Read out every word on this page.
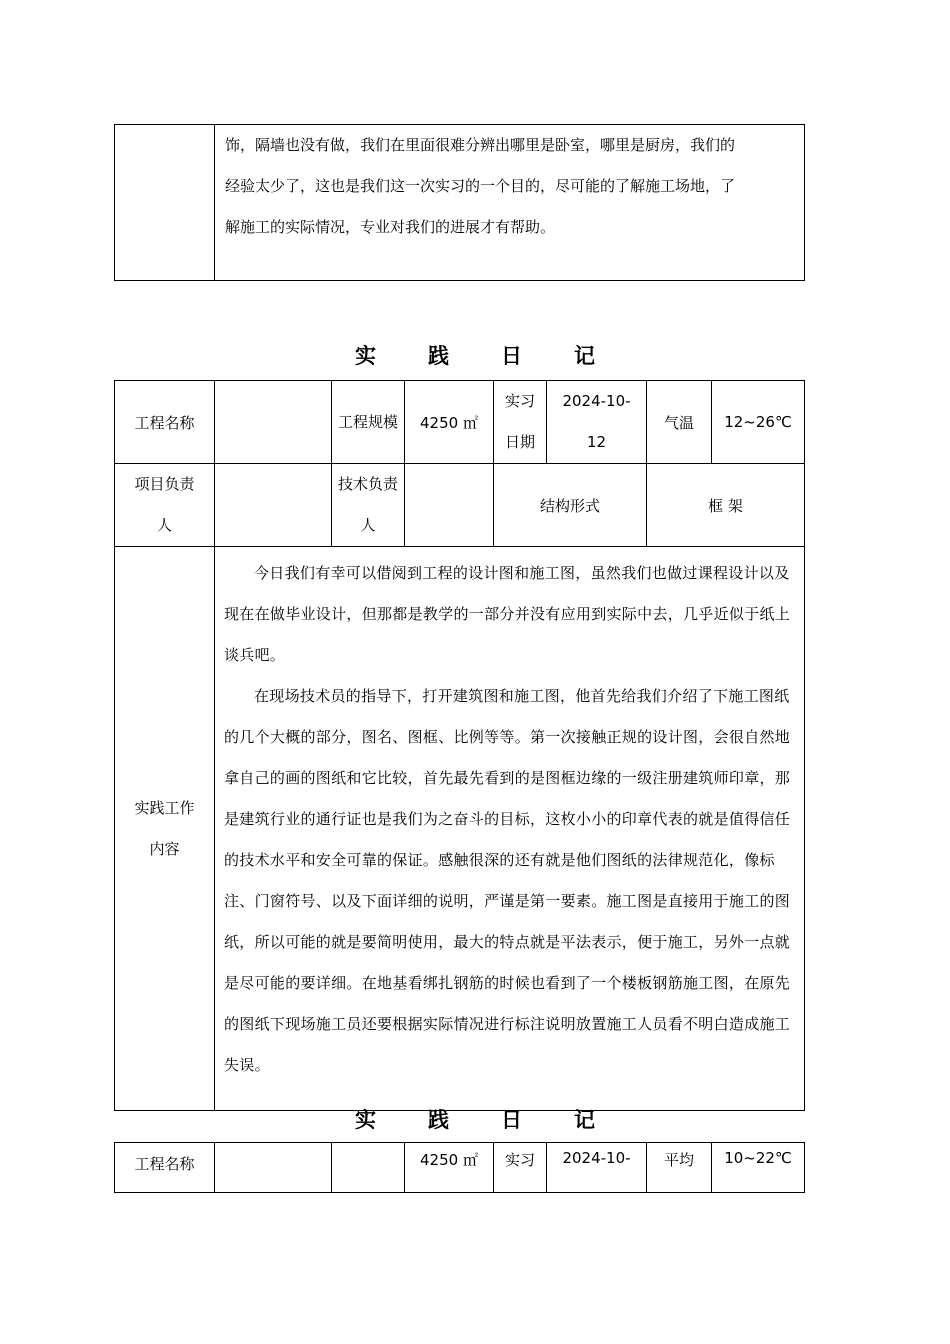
饰，隔墙也没有做，我们在里面很难分辨出哪里是卧室，哪里是厨房，我们的
经验太少了，这也是我们这一次实习的一个目的，尽可能的了解施工场地，了
解施工的实际情况，专业对我们的进展才有帮助。
实践日记
工程名称		工程规模	4250 ㎡	实习日期	2024-10-12	气温	12~26℃
项目负责人		技术负责人		结构形式		框 架	
实践工作内容	今日我们有幸可以借阅到工程的设计图和施工图，虽然我们也做过课程设计以及现在在做毕业设计，但那都是教学的一部分并没有应用到实际中去，几乎近似于纸上谈兵吧。

在现场技术员的指导下，打开建筑图和施工图，他首先给我们介绍了下施工图纸的几个大概的部分，图名、图框、比例等等。第一次接触正规的设计图，会很自然地拿自己的画的图纸和它比较，首先最先看到的是图框边缘的一级注册建筑师印章，那是建筑行业的通行证也是我们为之奋斗的目标，这枚小小的印章代表的就是值得信任的技术水平和安全可靠的保证。感触很深的还有就是他们图纸的法律规范化，像标注、门窗符号、以及下面详细的说明，严谨是第一要素。施工图是直接用于施工的图纸，所以可能的就是要简明使用，最大的特点就是平法表示，便于施工，另外一点就是尽可能的要详细。在地基看绑扎钢筋的时候也看到了一个楼板钢筋施工图，在原先的图纸下现场施工员还要根据实际情况进行标注说明放置施工人员看不明白造成施工失误。						

实践日记
工程名称			4250 ㎡	实习	2024-10-	平均	10~22℃
